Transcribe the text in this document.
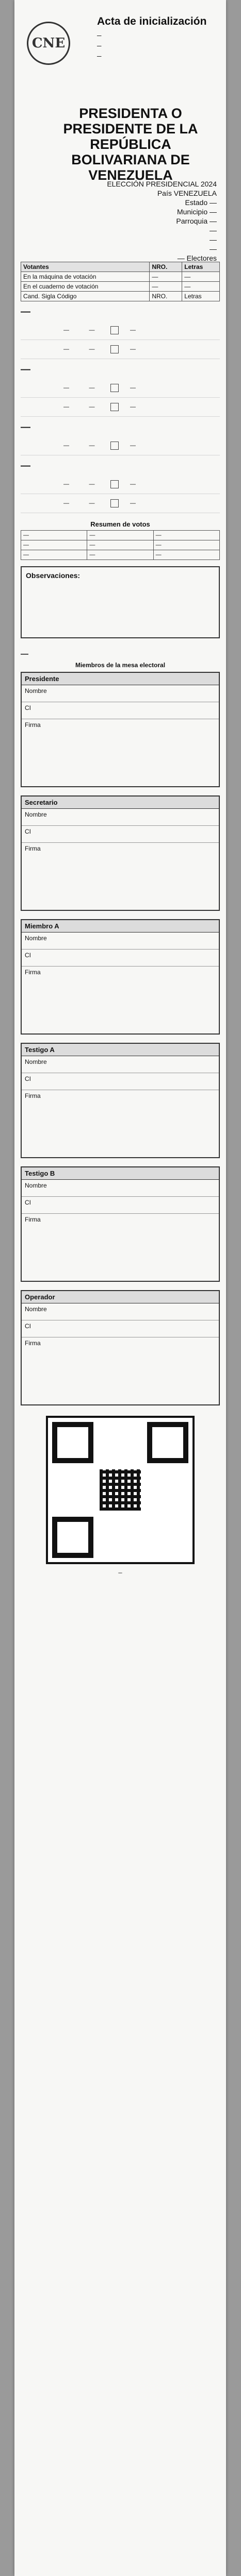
CNE
Acta de inicialización
—
—
—
PRESIDENTA O PRESIDENTE DE LA REPÚBLICA BOLIVARIANA DE VENEZUELA
ELECCIÓN PRESIDENCIAL 2024
País VENEZUELA
Estado —
Municipio —
Parroquia —
—
—
—
— Electores
Votantes	NRO.	Letras
En la máquina de votación	—	—
En el cuaderno de votación	—	—
Cand. Sigla Código	NRO.	Letras
—
—	—		—
—	—		—
—
—	—		—
—	—		—
—
—	—		—
—
—	—		—
—	—		—
Resumen de votos
—	—	—
—	—	—
—	—	—
Observaciones:
—
Miembros de la mesa electoral
Presidente
Nombre
CI
Firma
Secretario
Nombre
CI
Firma
Miembro A
Nombre
CI
Firma
Testigo A
Nombre
CI
Firma
Testigo B
Nombre
CI
Firma
Operador
Nombre
CI
Firma
—
